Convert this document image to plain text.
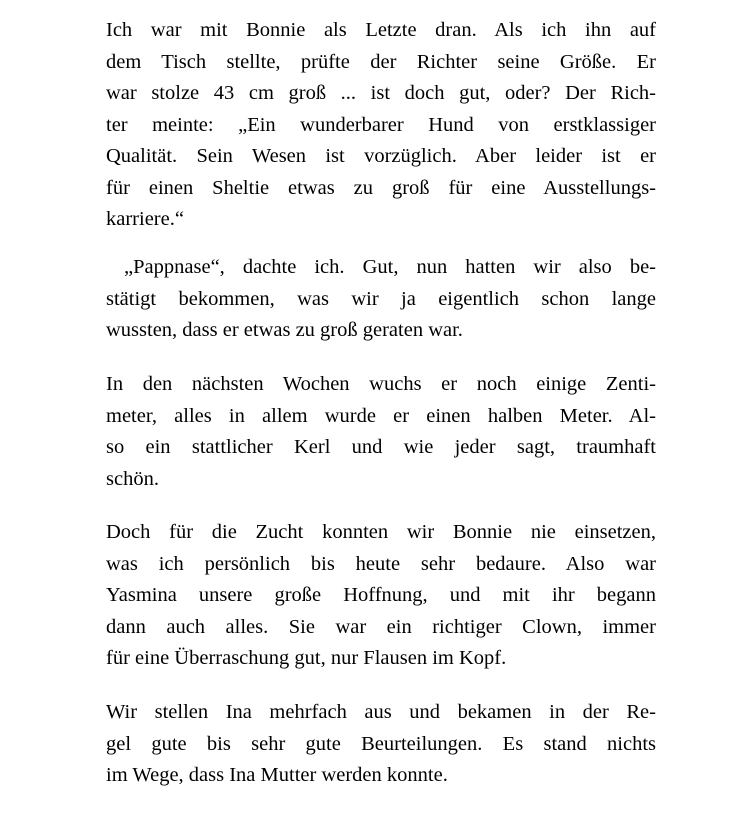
Ich war mit Bonnie als Letzte dran. Als ich ihn auf
dem Tisch stellte, prüfte der Richter seine Größe. Er
war stolze 43 cm groß ... ist doch gut, oder? Der Rich-
ter meinte: „Ein wunderbarer Hund von erstklassiger
Qualität. Sein Wesen ist vorzüglich. Aber leider ist er
für einen Sheltie etwas zu groß für eine Ausstellungs-
karriere.“

„Pappnase“, dachte ich. Gut, nun hatten wir also be-
stätigt bekommen, was wir ja eigentlich schon lange
wussten, dass er etwas zu groß geraten war.

In den nächsten Wochen wuchs er noch einige Zenti-
meter, alles in allem wurde er einen halben Meter. Al-
so ein stattlicher Kerl und wie jeder sagt, traumhaft
schön.

Doch für die Zucht konnten wir Bonnie nie einsetzen,
was ich persönlich bis heute sehr bedaure. Also war
Yasmina unsere große Hoffnung, und mit ihr begann
dann auch alles. Sie war ein richtiger Clown, immer
für eine Überraschung gut, nur Flausen im Kopf.

Wir stellen Ina mehrfach aus und bekamen in der Re-
gel gute bis sehr gute Beurteilungen. Es stand nichts
im Wege, dass Ina Mutter werden konnte.
